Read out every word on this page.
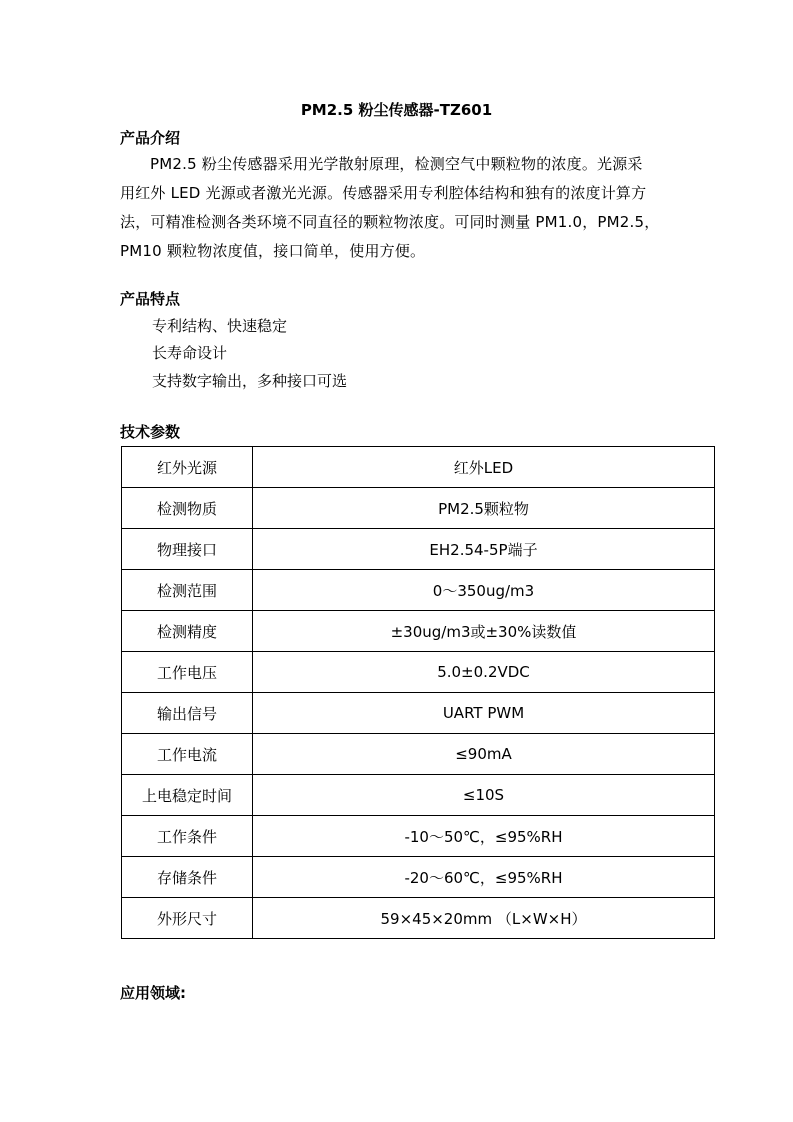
PM2.5 粉尘传感器-TZ601
产品介绍
PM2.5 粉尘传感器采用光学散射原理，检测空气中颗粒物的浓度。光源采
用红外 LED 光源或者激光光源。传感器采用专利腔体结构和独有的浓度计算方
法，可精准检测各类环境不同直径的颗粒物浓度。可同时测量 PM1.0，PM2.5，
PM10 颗粒物浓度值，接口简单，使用方便。
产品特点
专利结构、快速稳定
长寿命设计
支持数字输出，多种接口可选
技术参数
红外光源	红外LED
检测物质	PM2.5颗粒物
物理接口	EH2.54-5P端子
检测范围	0～350ug/m3
检测精度	±30ug/m3或±30%读数值
工作电压	5.0±0.2VDC
输出信号	UART PWM
工作电流	≤90mA
上电稳定时间	≤10S
工作条件	-10～50℃，≤95%RH
存储条件	-20～60℃，≤95%RH
外形尺寸	59×45×20mm （L×W×H）
应用领域:
